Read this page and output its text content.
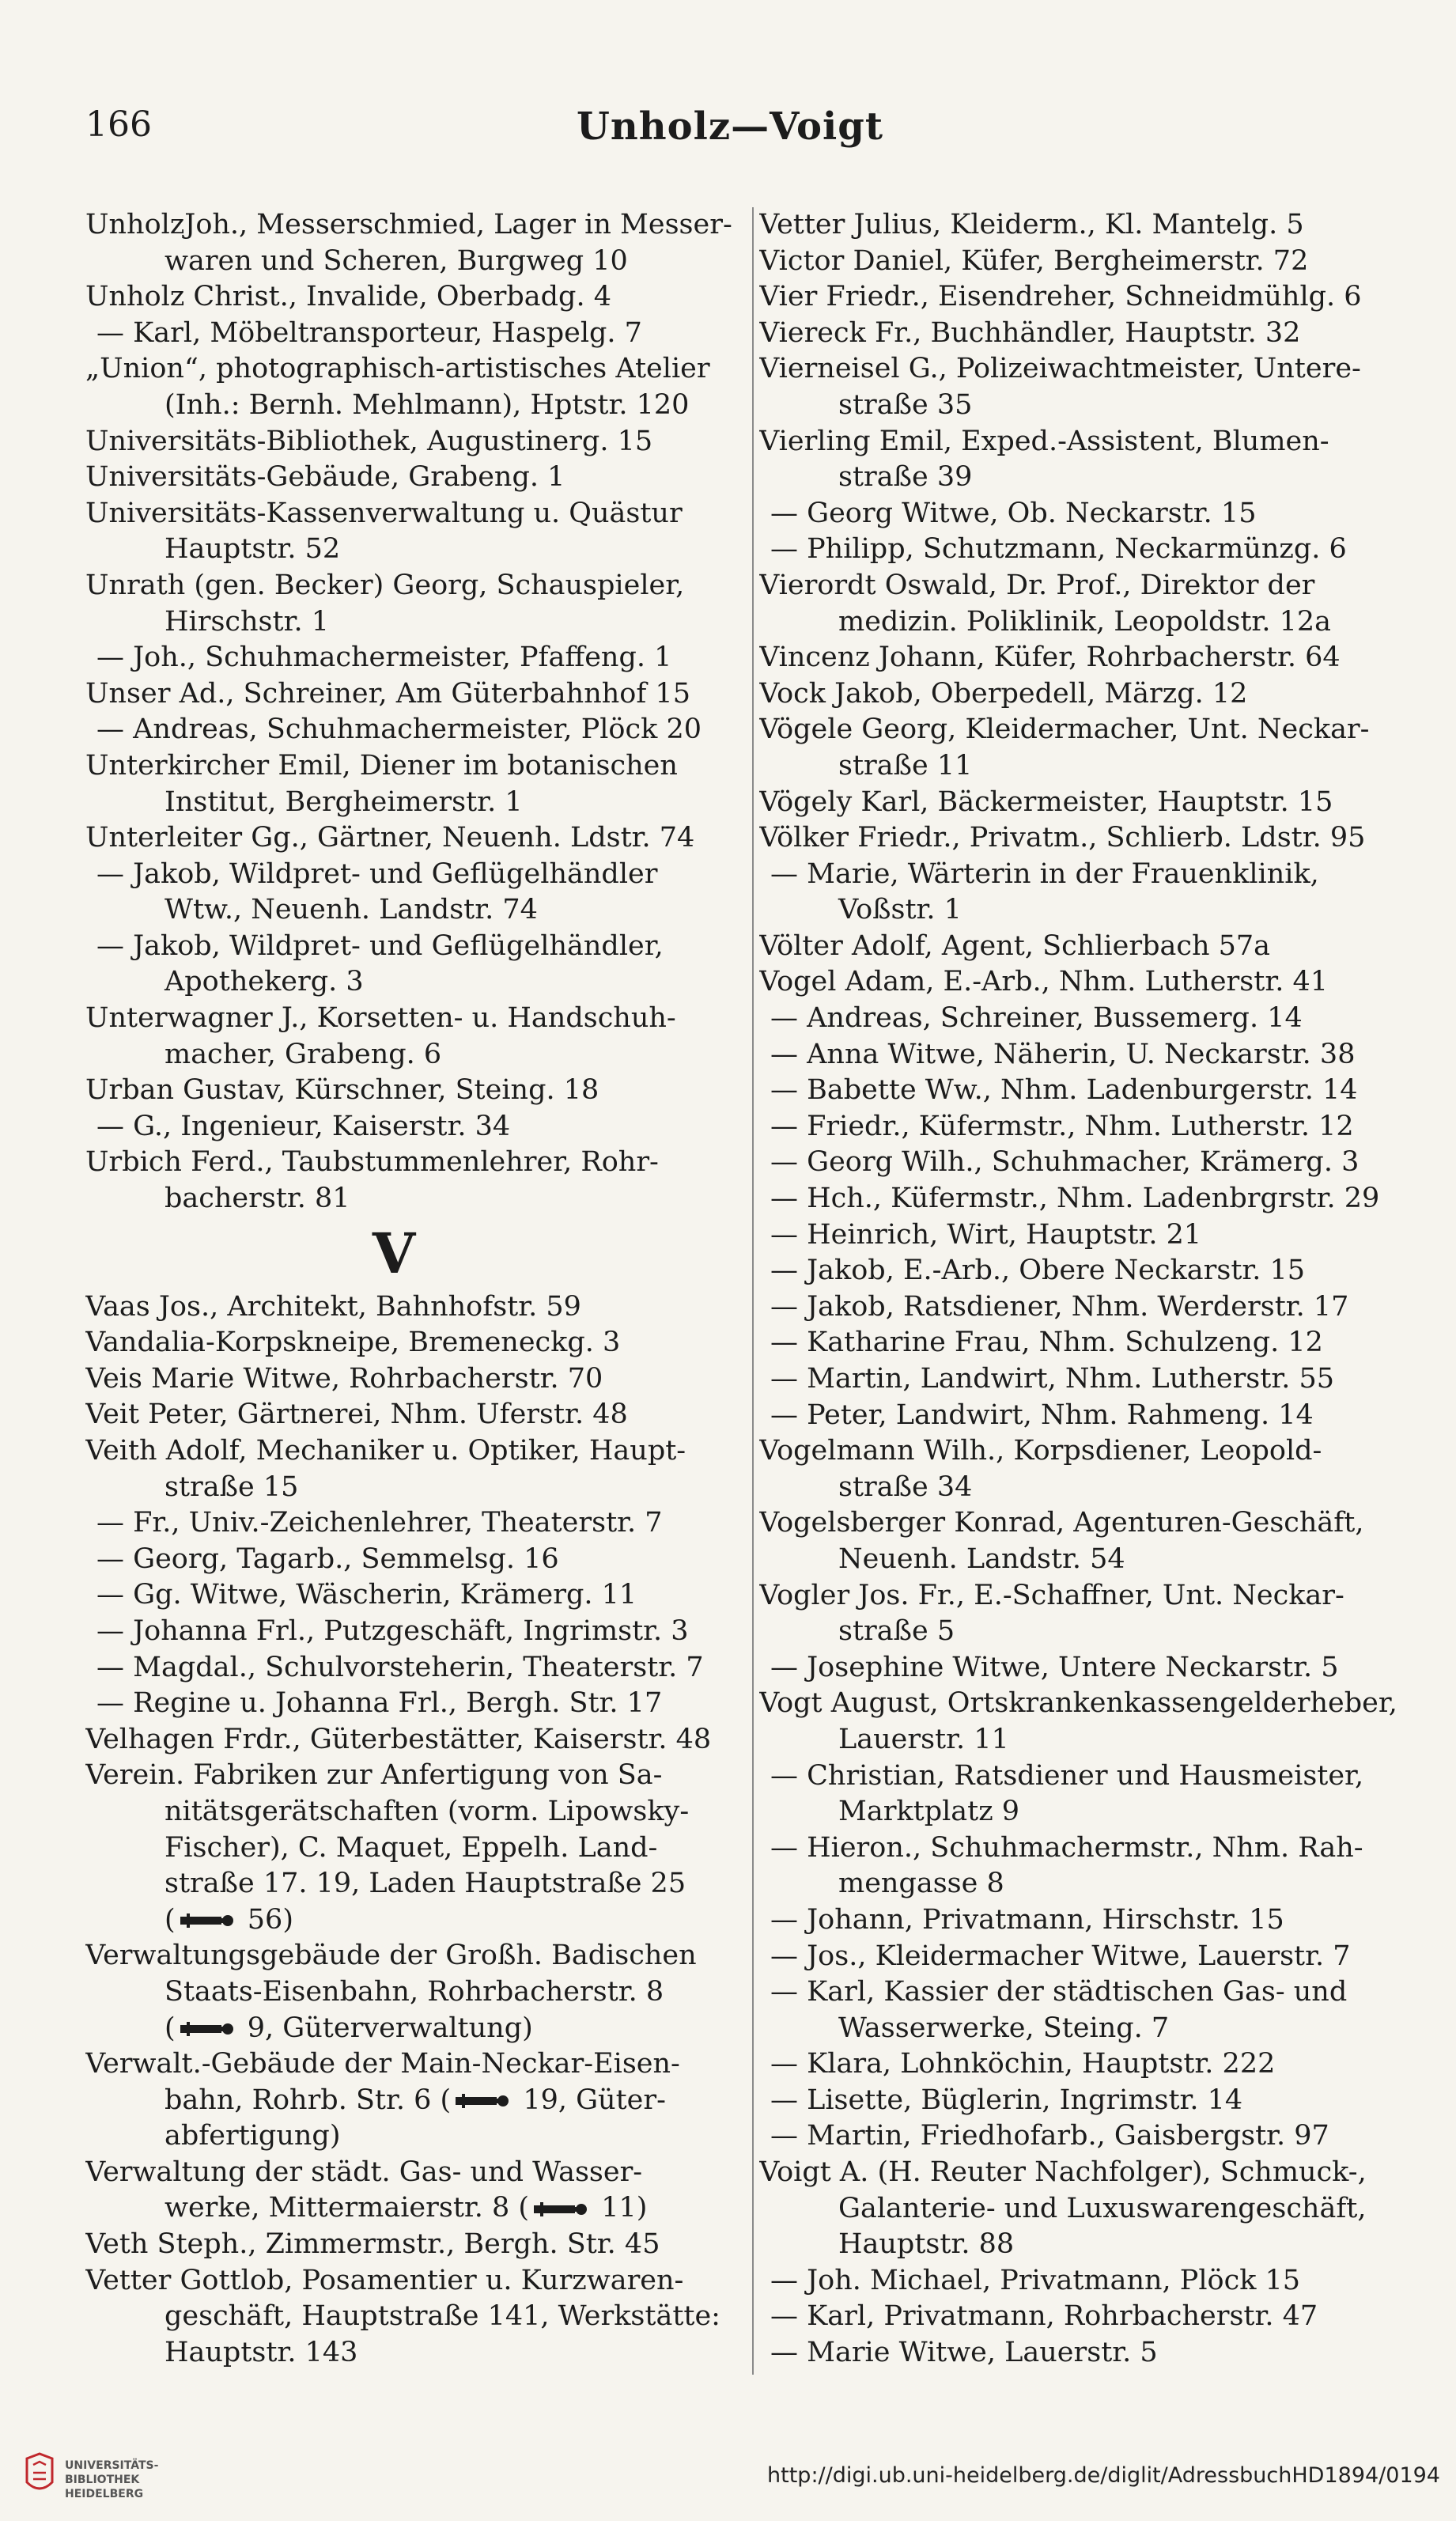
166	Unholz—Voigt
UnholzJoh., Messerschmied, Lager in Messer-
waren und Scheren, Burgweg 10
Unholz Christ., Invalide, Oberbadg. 4
— Karl, Möbeltransporteur, Haspelg. 7
„Union“, photographisch-artistisches Atelier
(Inh.: Bernh. Mehlmann), Hptstr. 120
Universitäts-Bibliothek, Augustinerg. 15
Universitäts-Gebäude, Grabeng. 1
Universitäts-Kassenverwaltung u. Quästur
Hauptstr. 52
Unrath (gen. Becker) Georg, Schauspieler,
Hirschstr. 1
— Joh., Schuhmachermeister, Pfaffeng. 1
Unser Ad., Schreiner, Am Güterbahnhof 15
— Andreas, Schuhmachermeister, Plöck 20
Unterkircher Emil, Diener im botanischen
Institut, Bergheimerstr. 1
Unterleiter Gg., Gärtner, Neuenh. Ldstr. 74
— Jakob, Wildpret- und Geflügelhändler
Wtw., Neuenh. Landstr. 74
— Jakob, Wildpret- und Geflügelhändler,
Apothekerg. 3
Unterwagner J., Korsetten- u. Handschuh-
macher, Grabeng. 6
Urban Gustav, Kürschner, Steing. 18
— G., Ingenieur, Kaiserstr. 34
Urbich Ferd., Taubstummenlehrer, Rohr-
bacherstr. 81
V
Vaas Jos., Architekt, Bahnhofstr. 59
Vandalia-Korpskneipe, Bremeneckg. 3
Veis Marie Witwe, Rohrbacherstr. 70
Veit Peter, Gärtnerei, Nhm. Uferstr. 48
Veith Adolf, Mechaniker u. Optiker, Haupt-
straße 15
— Fr., Univ.-Zeichenlehrer, Theaterstr. 7
— Georg, Tagarb., Semmelsg. 16
— Gg. Witwe, Wäscherin, Krämerg. 11
— Johanna Frl., Putzgeschäft, Ingrimstr. 3
— Magdal., Schulvorsteherin, Theaterstr. 7
— Regine u. Johanna Frl., Bergh. Str. 17
Velhagen Frdr., Güterbestätter, Kaiserstr. 48
Verein. Fabriken zur Anfertigung von Sa-
nitätsgerätschaften (vorm. Lipowsky-
Fischer), C. Maquet, Eppelh. Land-
straße 17. 19, Laden Hauptstraße 25
(
56)
Verwaltungsgebäude der Großh. Badischen
Staats-Eisenbahn, Rohrbacherstr. 8
(
9, Güterverwaltung)
Verwalt.-Gebäude der Main-Neckar-Eisen-
bahn, Rohrb. Str. 6 (
19, Güter-
abfertigung)
Verwaltung der städt. Gas- und Wasser-
werke, Mittermaierstr. 8 (
11)
Veth Steph., Zimmermstr., Bergh. Str. 45
Vetter Gottlob, Posamentier u. Kurzwaren-
geschäft, Hauptstraße 141, Werkstätte:
Hauptstr. 143
Vetter Julius, Kleiderm., Kl. Mantelg. 5
Victor Daniel, Küfer, Bergheimerstr. 72
Vier Friedr., Eisendreher, Schneidmühlg. 6
Viereck Fr., Buchhändler, Hauptstr. 32
Vierneisel G., Polizeiwachtmeister, Untere-
straße 35
Vierling Emil, Exped.-Assistent, Blumen-
straße 39
— Georg Witwe, Ob. Neckarstr. 15
— Philipp, Schutzmann, Neckarmünzg. 6
Vierordt Oswald, Dr. Prof., Direktor der
medizin. Poliklinik, Leopoldstr. 12a
Vincenz Johann, Küfer, Rohrbacherstr. 64
Vock Jakob, Oberpedell, Märzg. 12
Vögele Georg, Kleidermacher, Unt. Neckar-
straße 11
Vögely Karl, Bäckermeister, Hauptstr. 15
Völker Friedr., Privatm., Schlierb. Ldstr. 95
— Marie, Wärterin in der Frauenklinik,
Voßstr. 1
Völter Adolf, Agent, Schlierbach 57a
Vogel Adam, E.-Arb., Nhm. Lutherstr. 41
— Andreas, Schreiner, Bussemerg. 14
— Anna Witwe, Näherin, U. Neckarstr. 38
— Babette Ww., Nhm. Ladenburgerstr. 14
— Friedr., Küfermstr., Nhm. Lutherstr. 12
— Georg Wilh., Schuhmacher, Krämerg. 3
— Hch., Küfermstr., Nhm. Ladenbrgrstr. 29
— Heinrich, Wirt, Hauptstr. 21
— Jakob, E.-Arb., Obere Neckarstr. 15
— Jakob, Ratsdiener, Nhm. Werderstr. 17
— Katharine Frau, Nhm. Schulzeng. 12
— Martin, Landwirt, Nhm. Lutherstr. 55
— Peter, Landwirt, Nhm. Rahmeng. 14
Vogelmann Wilh., Korpsdiener, Leopold-
straße 34
Vogelsberger Konrad, Agenturen-Geschäft,
Neuenh. Landstr. 54
Vogler Jos. Fr., E.-Schaffner, Unt. Neckar-
straße 5
— Josephine Witwe, Untere Neckarstr. 5
Vogt August, Ortskrankenkassengelderheber,
Lauerstr. 11
— Christian, Ratsdiener und Hausmeister,
Marktplatz 9
— Hieron., Schuhmachermstr., Nhm. Rah-
mengasse 8
— Johann, Privatmann, Hirschstr. 15
— Jos., Kleidermacher Witwe, Lauerstr. 7
— Karl, Kassier der städtischen Gas- und
Wasserwerke, Steing. 7
— Klara, Lohnköchin, Hauptstr. 222
— Lisette, Büglerin, Ingrimstr. 14
— Martin, Friedhofarb., Gaisbergstr. 97
Voigt A. (H. Reuter Nachfolger), Schmuck-,
Galanterie- und Luxuswarengeschäft,
Hauptstr. 88
— Joh. Michael, Privatmann, Plöck 15
— Karl, Privatmann, Rohrbacherstr. 47
— Marie Witwe, Lauerstr. 5
UNIVERSITÄTS-
BIBLIOTHEK
HEIDELBERG
http://digi.ub.uni-heidelberg.de/diglit/AdressbuchHD1894/0194
